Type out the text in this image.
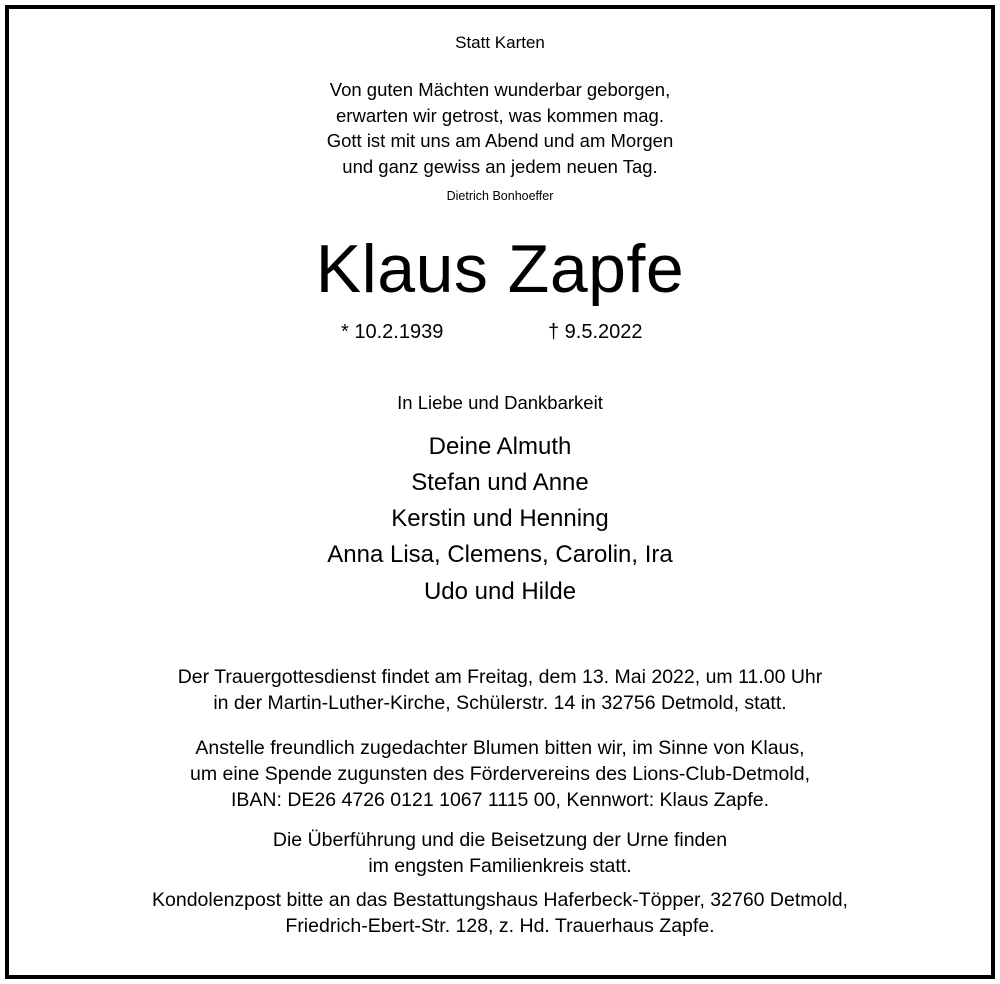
Statt Karten
Von guten Mächten wunderbar geborgen,
erwarten wir getrost, was kommen mag.
Gott ist mit uns am Abend und am Morgen
und ganz gewiss an jedem neuen Tag.
Dietrich Bonhoeffer
Klaus Zapfe
* 10.2.1939	† 9.5.2022
In Liebe und Dankbarkeit
Deine Almuth
Stefan und Anne
Kerstin und Henning
Anna Lisa, Clemens, Carolin, Ira
Udo und Hilde
Der Trauergottesdienst findet am Freitag, dem 13. Mai 2022, um 11.00 Uhr
in der Martin-Luther-Kirche, Schülerstr. 14 in 32756 Detmold, statt.
Anstelle freundlich zugedachter Blumen bitten wir, im Sinne von Klaus,
um eine Spende zugunsten des Fördervereins des Lions-Club-Detmold,
IBAN: DE26 4726 0121 1067 1115 00, Kennwort: Klaus Zapfe.
Die Überführung und die Beisetzung der Urne finden
im engsten Familienkreis statt.
Kondolenzpost bitte an das Bestattungshaus Haferbeck-Töpper, 32760 Detmold,
Friedrich-Ebert-Str. 128, z. Hd. Trauerhaus Zapfe.
